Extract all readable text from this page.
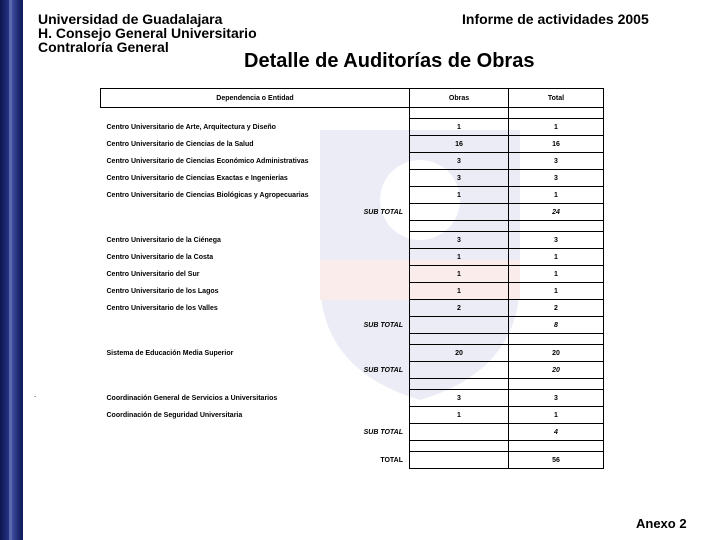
Universidad de Guadalajara
H. Consejo General Universitario
Contraloría General
Informe de actividades 2005
Detalle de Auditorías de Obras
Dependencia o Entidad	Obras	Total

Centro Universitario de Arte, Arquitectura y Diseño	1	1
Centro Universitario de Ciencias de la Salud	16	16
Centro Universitario de Ciencias Económico Administrativas	3	3
Centro Universitario de Ciencias Exactas e Ingenierías	3	3
Centro Universitario de Ciencias Biológicas y Agropecuarias	1	1
SUB TOTAL		24

Centro Universitario de la Ciénega	3	3
Centro Universitario de la Costa	1	1
Centro Universitario del Sur	1	1
Centro Universitario de los Lagos	1	1
Centro Universitario de los Valles	2	2
SUB TOTAL		8

Sistema de Educación Media Superior	20	20
SUB TOTAL		20

Coordinación General de Servicios a Universitarios	3	3
Coordinación de Seguridad Universitaria	1	1
SUB TOTAL		4

TOTAL		56
.
Anexo 2
